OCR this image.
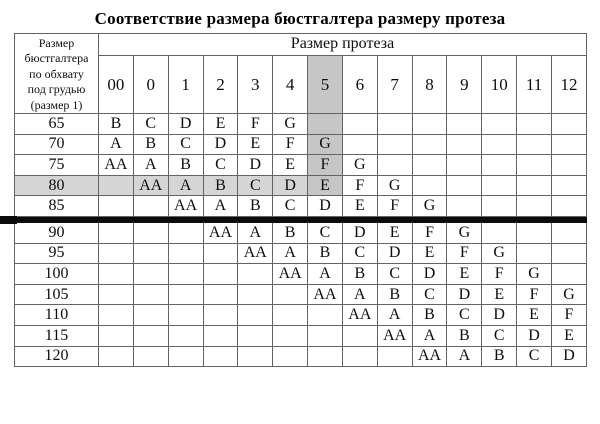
Соответствие размера бюстгалтера размеру протеза
Размер
бюстгалтера
по обхвату
под грудью
(размер 1)	Размер протеза													
	00	0	1	2	3	4	5	6	7	8	9	10	11	12
65	B	C	D	E	F	G								
70	A	B	C	D	E	F	G							
75	AA	A	B	C	D	E	F	G						
80		AA	A	B	C	D	E	F	G					
85			AA	A	B	C	D	E	F	G				

90				AA	A	B	C	D	E	F	G			
95					AA	A	B	C	D	E	F	G		
100						AA	A	B	C	D	E	F	G	
105							AA	A	B	C	D	E	F	G
110								AA	A	B	C	D	E	F
115									AA	A	B	C	D	E
120										AA	A	B	C	D
